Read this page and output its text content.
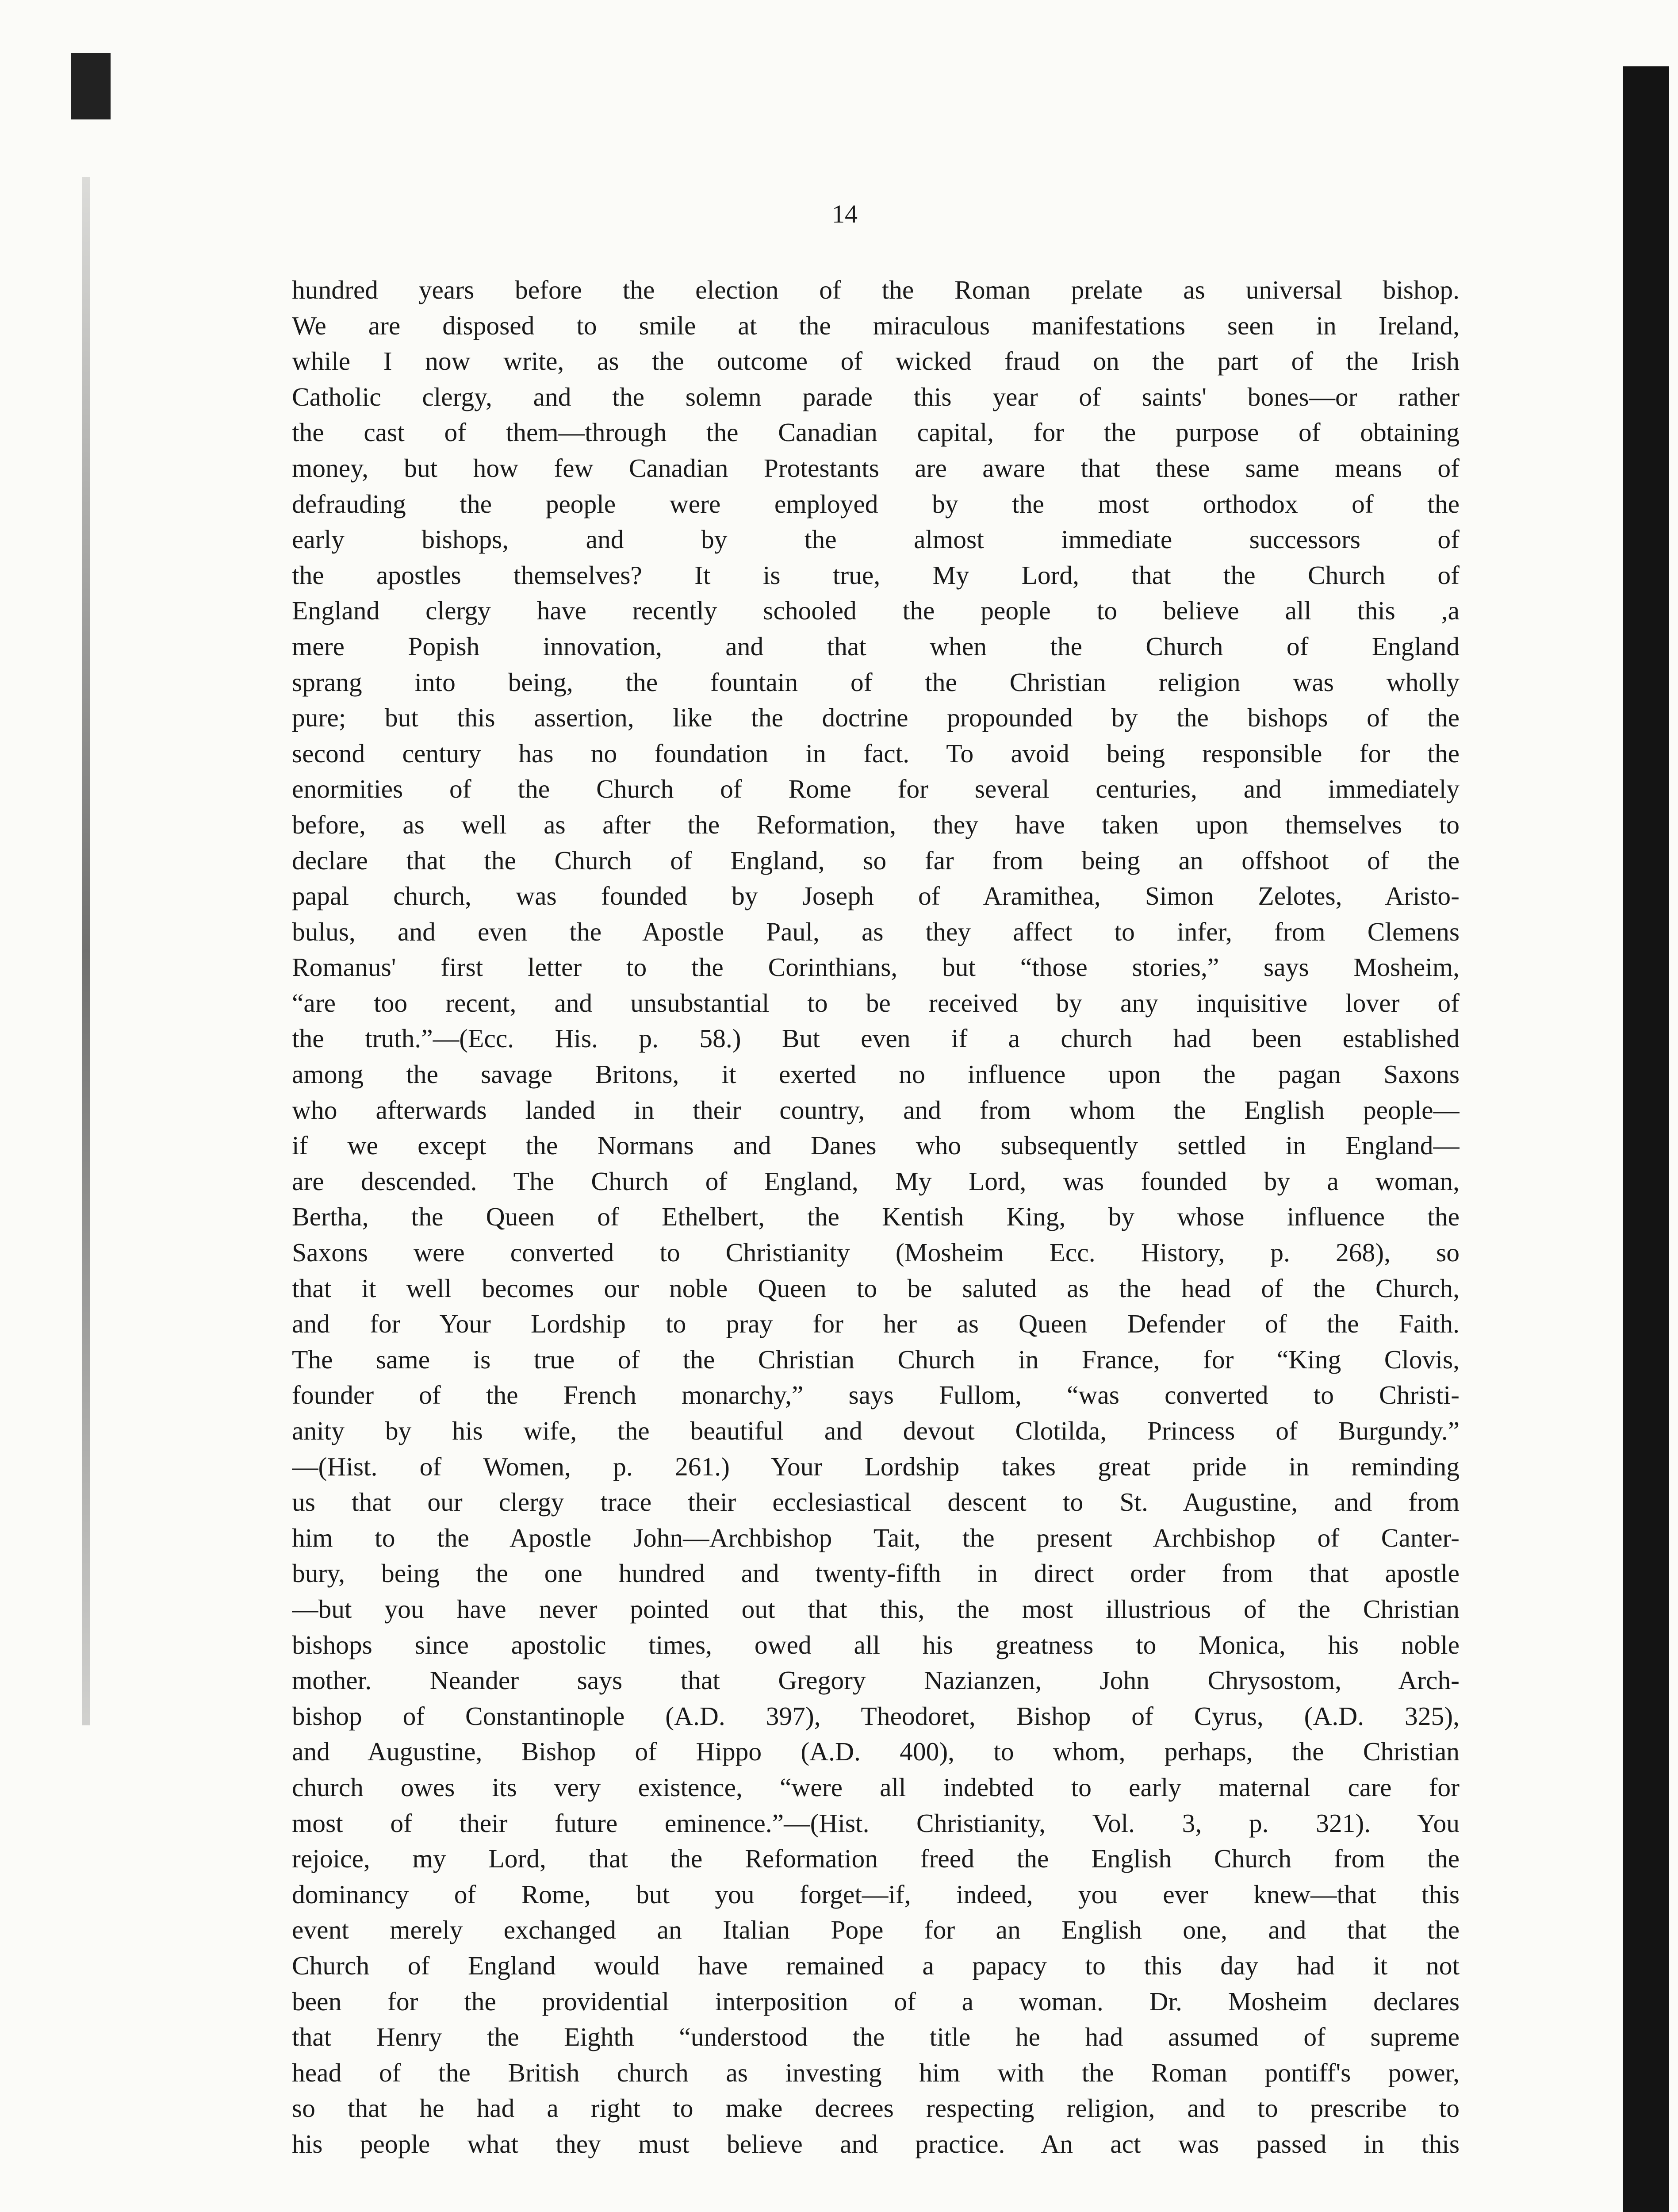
14
hundred years before the election of the Roman prelate as universal bishop.
We are disposed to smile at the miraculous manifestations seen in Ireland,
while I now write, as the outcome of wicked fraud on the part of the Irish
Catholic clergy, and the solemn parade this year of saints' bones—or rather
the cast of them—through the Canadian capital, for the purpose of obtaining
money, but how few Canadian Protestants are aware that these same means of
defrauding the people were employed by the most orthodox of the
early bishops, and by the almost immediate successors of
the apostles themselves? It is true, My Lord, that the Church of
England clergy have recently schooled the people to believe all this ,a
mere Popish innovation, and that when the Church of England
sprang into being, the fountain of the Christian religion was wholly
pure; but this assertion, like the doctrine propounded by the bishops of the
second century has no foundation in fact. To avoid being responsible for the
enormities of the Church of Rome for several centuries, and immediately
before, as well as after the Reformation, they have taken upon themselves to
declare that the Church of England, so far from being an offshoot of the
papal church, was founded by Joseph of Aramithea, Simon Zelotes, Aristo-
bulus, and even the Apostle Paul, as they affect to infer, from Clemens
Romanus' first letter to the Corinthians, but “those stories,” says Mosheim,
“are too recent, and unsubstantial to be received by any inquisitive lover of
the truth.”—(Ecc. His. p. 58.) But even if a church had been established
among the savage Britons, it exerted no influence upon the pagan Saxons
who afterwards landed in their country, and from whom the English people—
if we except the Normans and Danes who subsequently settled in England—
are descended. The Church of England, My Lord, was founded by a woman,
Bertha, the Queen of Ethelbert, the Kentish King, by whose influence the
Saxons were converted to Christianity (Mosheim Ecc. History, p. 268), so
that it well becomes our noble Queen to be saluted as the head of the Church,
and for Your Lordship to pray for her as Queen Defender of the Faith.
The same is true of the Christian Church in France, for “King Clovis,
founder of the French monarchy,” says Fullom, “was converted to Christi-
anity by his wife, the beautiful and devout Clotilda, Princess of Burgundy.”
—(Hist. of Women, p. 261.) Your Lordship takes great pride in reminding
us that our clergy trace their ecclesiastical descent to St. Augustine, and from
him to the Apostle John—Archbishop Tait, the present Archbishop of Canter-
bury, being the one hundred and twenty-fifth in direct order from that apostle
—but you have never pointed out that this, the most illustrious of the Christian
bishops since apostolic times, owed all his greatness to Monica, his noble
mother. Neander says that Gregory Nazianzen, John Chrysostom, Arch-
bishop of Constantinople (A.D. 397), Theodoret, Bishop of Cyrus, (A.D. 325),
and Augustine, Bishop of Hippo (A.D. 400), to whom, perhaps, the Christian
church owes its very existence, “were all indebted to early maternal care for
most of their future eminence.”—(Hist. Christianity, Vol. 3, p. 321). You
rejoice, my Lord, that the Reformation freed the English Church from the
dominancy of Rome, but you forget—if, indeed, you ever knew—that this
event merely exchanged an Italian Pope for an English one, and that the
Church of England would have remained a papacy to this day had it not
been for the providential interposition of a woman. Dr. Mosheim declares
that Henry the Eighth “understood the title he had assumed of supreme
head of the British church as investing him with the Roman pontiff's power,
so that he had a right to make decrees respecting religion, and to prescribe to
his people what they must believe and practice. An act was passed in this
